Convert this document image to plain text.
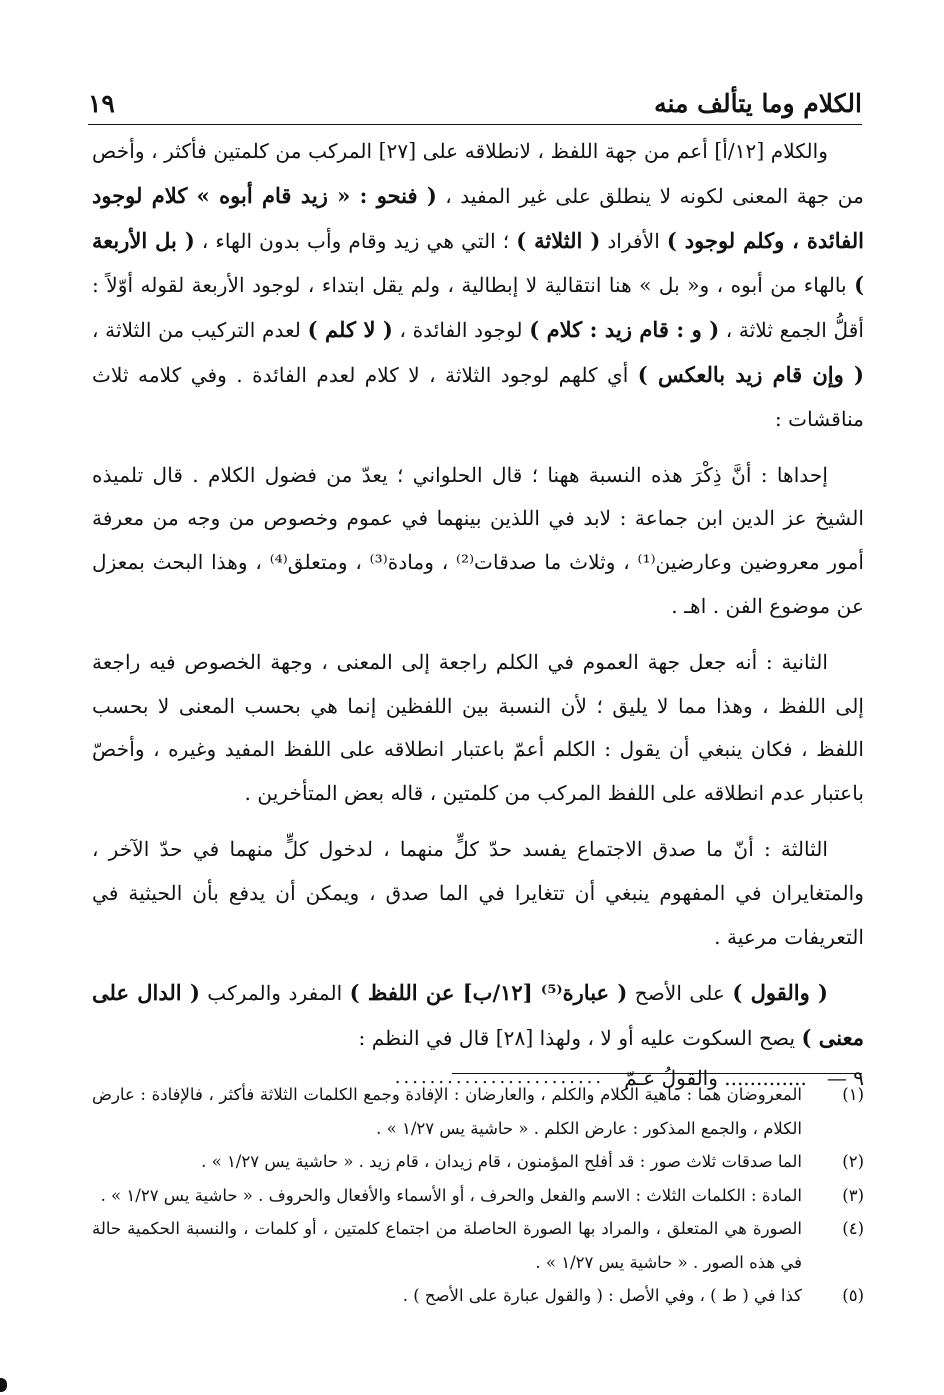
الكلام وما يتألف منه
١٩

والكلام [١٢/أ] أعم من جهة اللفظ ، لانطلاقه على [٢٧] المركب من كلمتين فأكثر ، وأخص من جهة المعنى لكونه لا ينطلق على غير المفيد ، ( فنحو : « زيد قام أبوه » كلام لوجود الفائدة ، وكلم لوجود ) الأفراد ( الثلاثة ) ؛ التي هي زيد وقام وأب بدون الهاء ، ( بل الأربعة ) بالهاء من أبوه ، و« بل » هنا انتقالية لا إبطالية ، ولم يقل ابتداء ، لوجود الأربعة لقوله أوّلاً : أقلُّ الجمع ثلاثة ، ( و : قام زيد : كلام ) لوجود الفائدة ، ( لا كلم ) لعدم التركيب من الثلاثة ، ( وإن قام زيد بالعكس ) أي كلهم لوجود الثلاثة ، لا كلام لعدم الفائدة . وفي كلامه ثلاث مناقشات :

إحداها : أنَّ ذِكْرَ هذه النسبة ههنا ؛ قال الحلواني ؛ يعدّ من فضول الكلام . قال تلميذه الشيخ عز الدين ابن جماعة : لابد في اللذين بينهما في عموم وخصوص من وجه من معرفة أمور معروضين وعارضين⁽¹⁾ ، وثلاث ما صدقات⁽²⁾ ، ومادة⁽³⁾ ، ومتعلق⁽⁴⁾ ، وهذا البحث بمعزل عن موضوع الفن . اهـ .

الثانية : أنه جعل جهة العموم في الكلم راجعة إلى المعنى ، وجهة الخصوص فيه راجعة إلى اللفظ ، وهذا مما لا يليق ؛ لأن النسبة بين اللفظين إنما هي بحسب المعنى لا بحسب اللفظ ، فكان ينبغي أن يقول : الكلم أعمّ باعتبار انطلاقه على اللفظ المفيد وغيره ، وأخصّ باعتبار عدم انطلاقه على اللفظ المركب من كلمتين ، قاله بعض المتأخرين .

الثالثة : أنّ ما صدق الاجتماع يفسد حدّ كلٍّ منهما ، لدخول كلٍّ منهما في حدّ الآخر ، والمتغايران في المفهوم ينبغي أن تتغايرا في الما صدق ، ويمكن أن يدفع بأن الحيثية في التعريفات مرعية .

( والقول ) على الأصح ( عبارة⁽⁵⁾ [١٢/ب] عن اللفظ ) المفرد والمركب ( الدال على معنى ) يصح السكوت عليه أو لا ، ولهذا [٢٨] قال في النظم :

٩ —
............. والقولُ عـمّ
........................
(١)
المعروضان هما : ماهية الكلام والكلم ، والعارضان : الإفادة وجمع الكلمات الثلاثة فأكثر ، فالإفادة : عارض الكلام ، والجمع المذكور : عارض الكلم . « حاشية يس ١/٢٧ » .
(٢)
الما صدقات ثلاث صور : قد أفلح المؤمنون ، قام زيدان ، قام زيد . « حاشية يس ١/٢٧ » .
(٣)
المادة : الكلمات الثلاث : الاسم والفعل والحرف ، أو الأسماء والأفعال والحروف . « حاشية يس ١/٢٧ » .
(٤)
الصورة هي المتعلق ، والمراد بها الصورة الحاصلة من اجتماع كلمتين ، أو كلمات ، والنسبة الحكمية حالة في هذه الصور . « حاشية يس ١/٢٧ » .
(٥)
كذا في ( ط ) ، وفي الأصل : ( والقول عبارة على الأصح ) .
